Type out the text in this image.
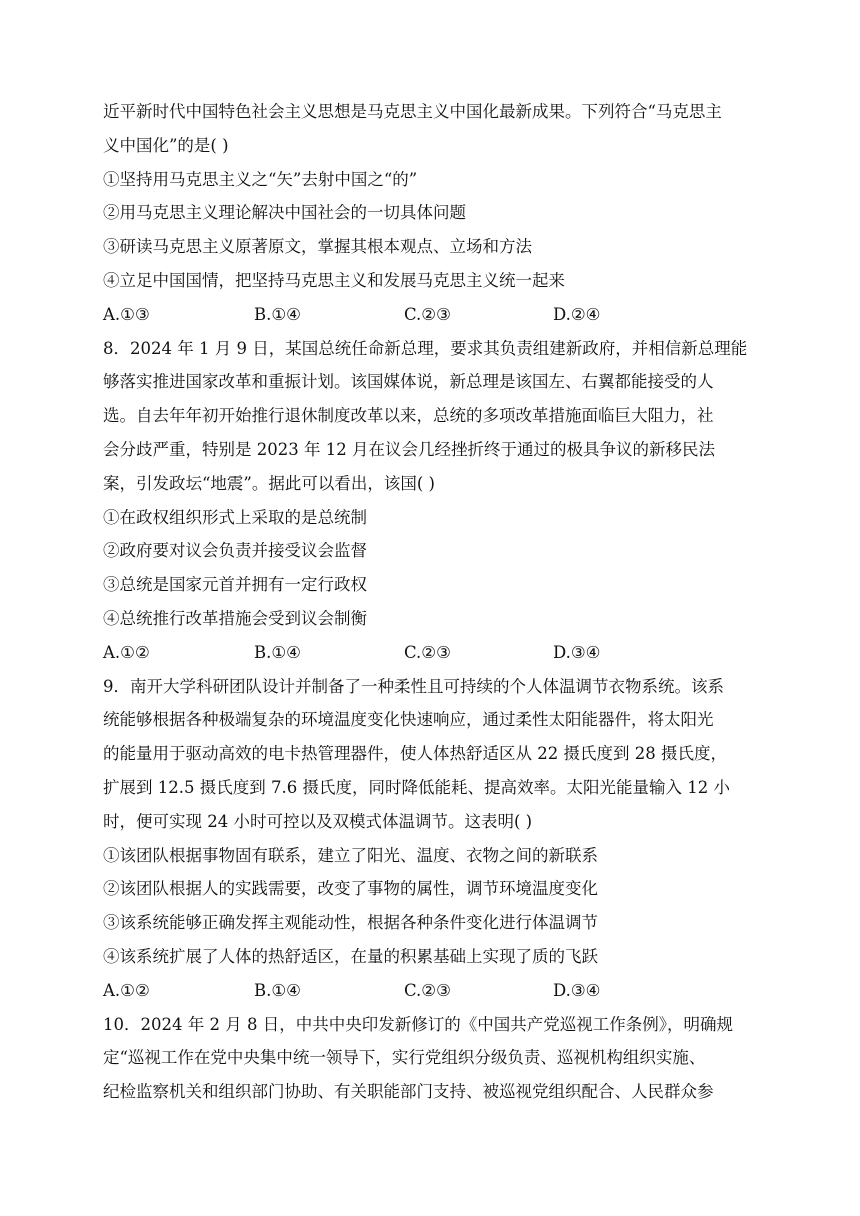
近平新时代中国特色社会主义思想是马克思主义中国化最新成果。下列符合“马克思主
义中国化”的是( )
①坚持用马克思主义之“矢”去射中国之“的”
②用马克思主义理论解决中国社会的一切具体问题
③研读马克思主义原著原文，掌握其根本观点、立场和方法
④立足中国国情，把坚持马克思主义和发展马克思主义统一起来
A.①③	B.①④	C.②③	D.②④
8．2024 年 1 月 9 日，某国总统任命新总理，要求其负责组建新政府，并相信新总理能
够落实推进国家改革和重振计划。该国媒体说，新总理是该国左、右翼都能接受的人
选。自去年年初开始推行退休制度改革以来，总统的多项改革措施面临巨大阻力，社
会分歧严重，特别是 2023 年 12 月在议会几经挫折终于通过的极具争议的新移民法
案，引发政坛“地震”。据此可以看出，该国( )
①在政权组织形式上采取的是总统制
②政府要对议会负责并接受议会监督
③总统是国家元首并拥有一定行政权
④总统推行改革措施会受到议会制衡
A.①②	B.①④	C.②③	D.③④
9．南开大学科研团队设计并制备了一种柔性且可持续的个人体温调节衣物系统。该系
统能够根据各种极端复杂的环境温度变化快速响应，通过柔性太阳能器件，将太阳光
的能量用于驱动高效的电卡热管理器件，使人体热舒适区从 22 摄氏度到 28 摄氏度，
扩展到 12.5 摄氏度到 7.6 摄氏度，同时降低能耗、提高效率。太阳光能量输入 12 小
时，便可实现 24 小时可控以及双模式体温调节。这表明( )
①该团队根据事物固有联系，建立了阳光、温度、衣物之间的新联系
②该团队根据人的实践需要，改变了事物的属性，调节环境温度变化
③该系统能够正确发挥主观能动性，根据各种条件变化进行体温调节
④该系统扩展了人体的热舒适区，在量的积累基础上实现了质的飞跃
A.①②	B.①④	C.②③	D.③④
10．2024 年 2 月 8 日，中共中央印发新修订的《中国共产党巡视工作条例》，明确规
定“巡视工作在党中央集中统一领导下，实行党组织分级负责、巡视机构组织实施、
纪检监察机关和组织部门协助、有关职能部门支持、被巡视党组织配合、人民群众参
